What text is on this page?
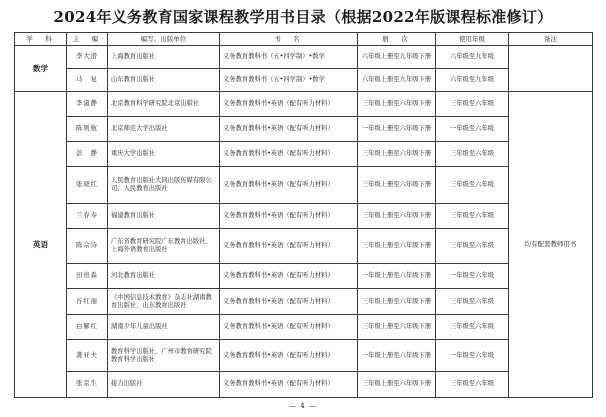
2024年义务教育国家课程教学用书目录（根据2022年版课程标准修订）
学　科	主　编	编写、出版单位	书　名	册　次	使用年级	备注
数学	李大潜	上海教育出版社	义务教育教科书（五•四学制）•数学	六年级上册至九年级下册	六年级至九年级	
	马　复	山东教育出版社	义务教育教科书（五•四学制）•数学	六年级上册至九年级下册	六年级至九年级	
英语	李淑静	北京教育科学研究院北京出版社	义务教育教科书•英语（配有听力材料）	三年级上册至六年级下册	三年级至六年级	均有配套教师用书
	陈则航	北京师范大学出版社	义务教育教科书•英语（配有听力材料）	一年级上册至六年级下册	一年级至六年级	
	彭　静	重庆大学出版社	义务教育教科书•英语（配有听力材料）	三年级上册至六年级下册	三年级至六年级	
	张晓红	人民教育出版社大同出版传媒有限公司、人民教育出版社	义务教育教科书•英语（配有听力材料）	三年级上册至六年级下册	三年级至六年级	
	兰春寿	福建教育出版社	义务教育教科书•英语（配有听力材料）	三年级上册至六年级下册	三年级至六年级	
	陈佘诗	广东省教育研究院广东教育出版社、上海外语教育出版社	义务教育教科书•英语（配有听力材料）	三年级上册至六年级下册	三年级至六年级	
	田贵森	河北教育出版社	义务教育教科书•英语（配有听力材料）	一年级上册至六年级下册	一年级至六年级	
	谷红丽	《中国信息技术教育》杂志社湖南教育出版社、山东教育出版社	义务教育教科书•英语（配有听力材料）	三年级上册至六年级下册	三年级至六年级	
	白解红	湖南少年儿童出版社	义务教育教科书•英语（配有听力材料）	三年级上册至六年级下册	三年级至六年级	
	龚亚夫	教育科学出版社、广州市教育研究院教育科学出版社	义务教育教科书•英语（配有听力材料）	一年级上册至六年级下册	一年级至六年级	
	张京生	接力出版社	义务教育教科书•英语（配有听力材料）	三年级上册至六年级下册	三年级至六年级	
— 4 —
